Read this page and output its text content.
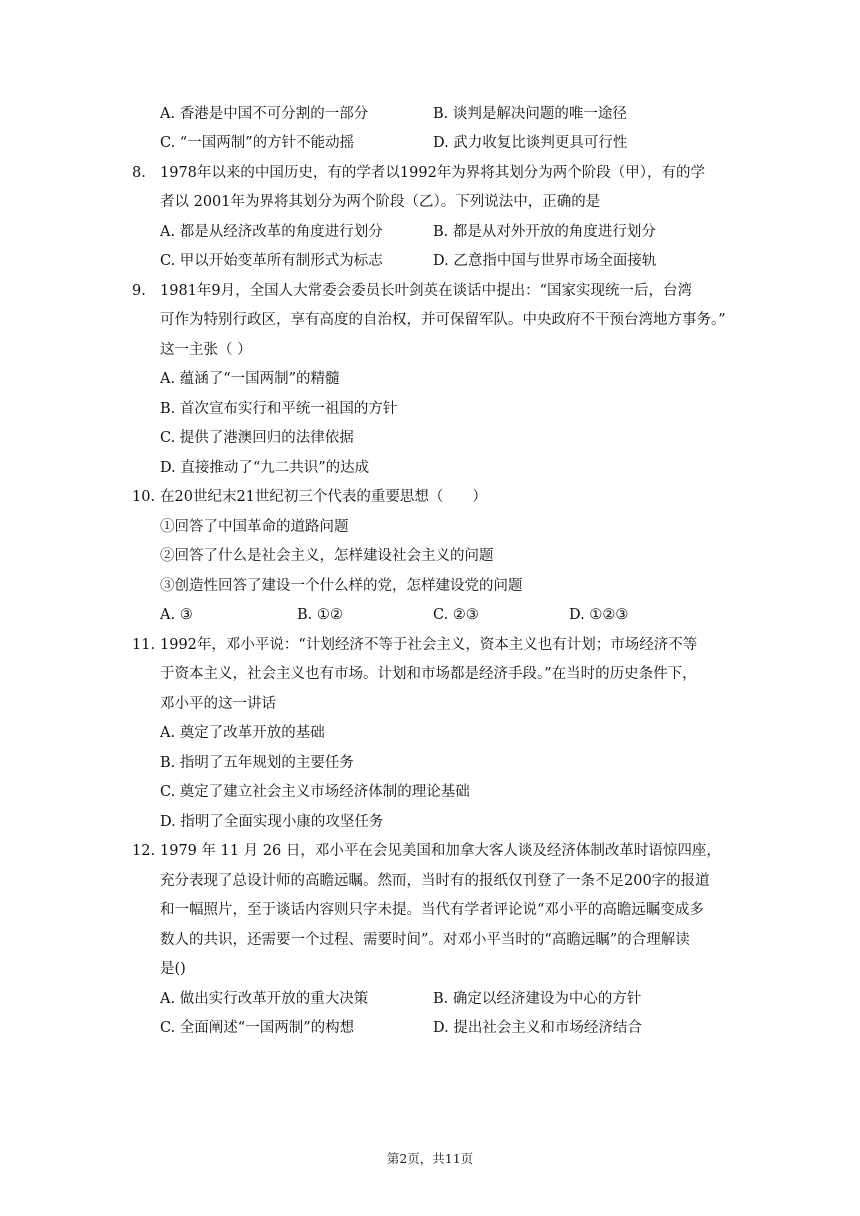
A. 香港是中国不可分割的一部分	B. 谈判是解决问题的唯一途径
C. “一国两制”的方针不能动摇	D. 武力收复比谈判更具可行性
8. 1978年以来的中国历史，有的学者以1992年为界将其划分为两个阶段（甲），有的学
者以 2001年为界将其划分为两个阶段（乙）。下列说法中，正确的是
A. 都是从经济改革的角度进行划分	B. 都是从对外开放的角度进行划分
C. 甲以开始变革所有制形式为标志	D. 乙意指中国与世界市场全面接轨
9. 1981年9月，全国人大常委会委员长叶剑英在谈话中提出：“国家实现统一后，台湾
可作为特别行政区，享有高度的自治权，并可保留军队。中央政府不干预台湾地方事务。”
这一主张（ ）
A. 蕴涵了“一国两制”的精髓
B. 首次宣布实行和平统一祖国的方针
C. 提供了港澳回归的法律依据
D. 直接推动了“九二共识”的达成
10. 在20世纪末21世纪初三个代表的重要思想（　　）
①回答了中国革命的道路问题
②回答了什么是社会主义，怎样建设社会主义的问题
③创造性回答了建设一个什么样的党，怎样建设党的问题
A. ③	B. ①②	C. ②③	D. ①②③
11. 1992年，邓小平说：“计划经济不等于社会主义，资本主义也有计划；市场经济不等
于资本主义，社会主义也有市场。计划和市场都是经济手段。”在当时的历史条件下，
邓小平的这一讲话
A. 奠定了改革开放的基础
B. 指明了五年规划的主要任务
C. 奠定了建立社会主义市场经济体制的理论基础
D. 指明了全面实现小康的攻坚任务
12. 1979 年 11 月 26 日，邓小平在会见美国和加拿大客人谈及经济体制改革时语惊四座，
充分表现了总设计师的高瞻远瞩。然而，当时有的报纸仅刊登了一条不足200字的报道
和一幅照片，至于谈话内容则只字未提。当代有学者评论说“邓小平的高瞻远瞩变成多
数人的共识，还需要一个过程、需要时间”。对邓小平当时的“高瞻远瞩”的合理解读
是()
A. 做出实行改革开放的重大决策	B. 确定以经济建设为中心的方针
C. 全面阐述“一国两制”的构想	D. 提出社会主义和市场经济结合
第2页，共11页
